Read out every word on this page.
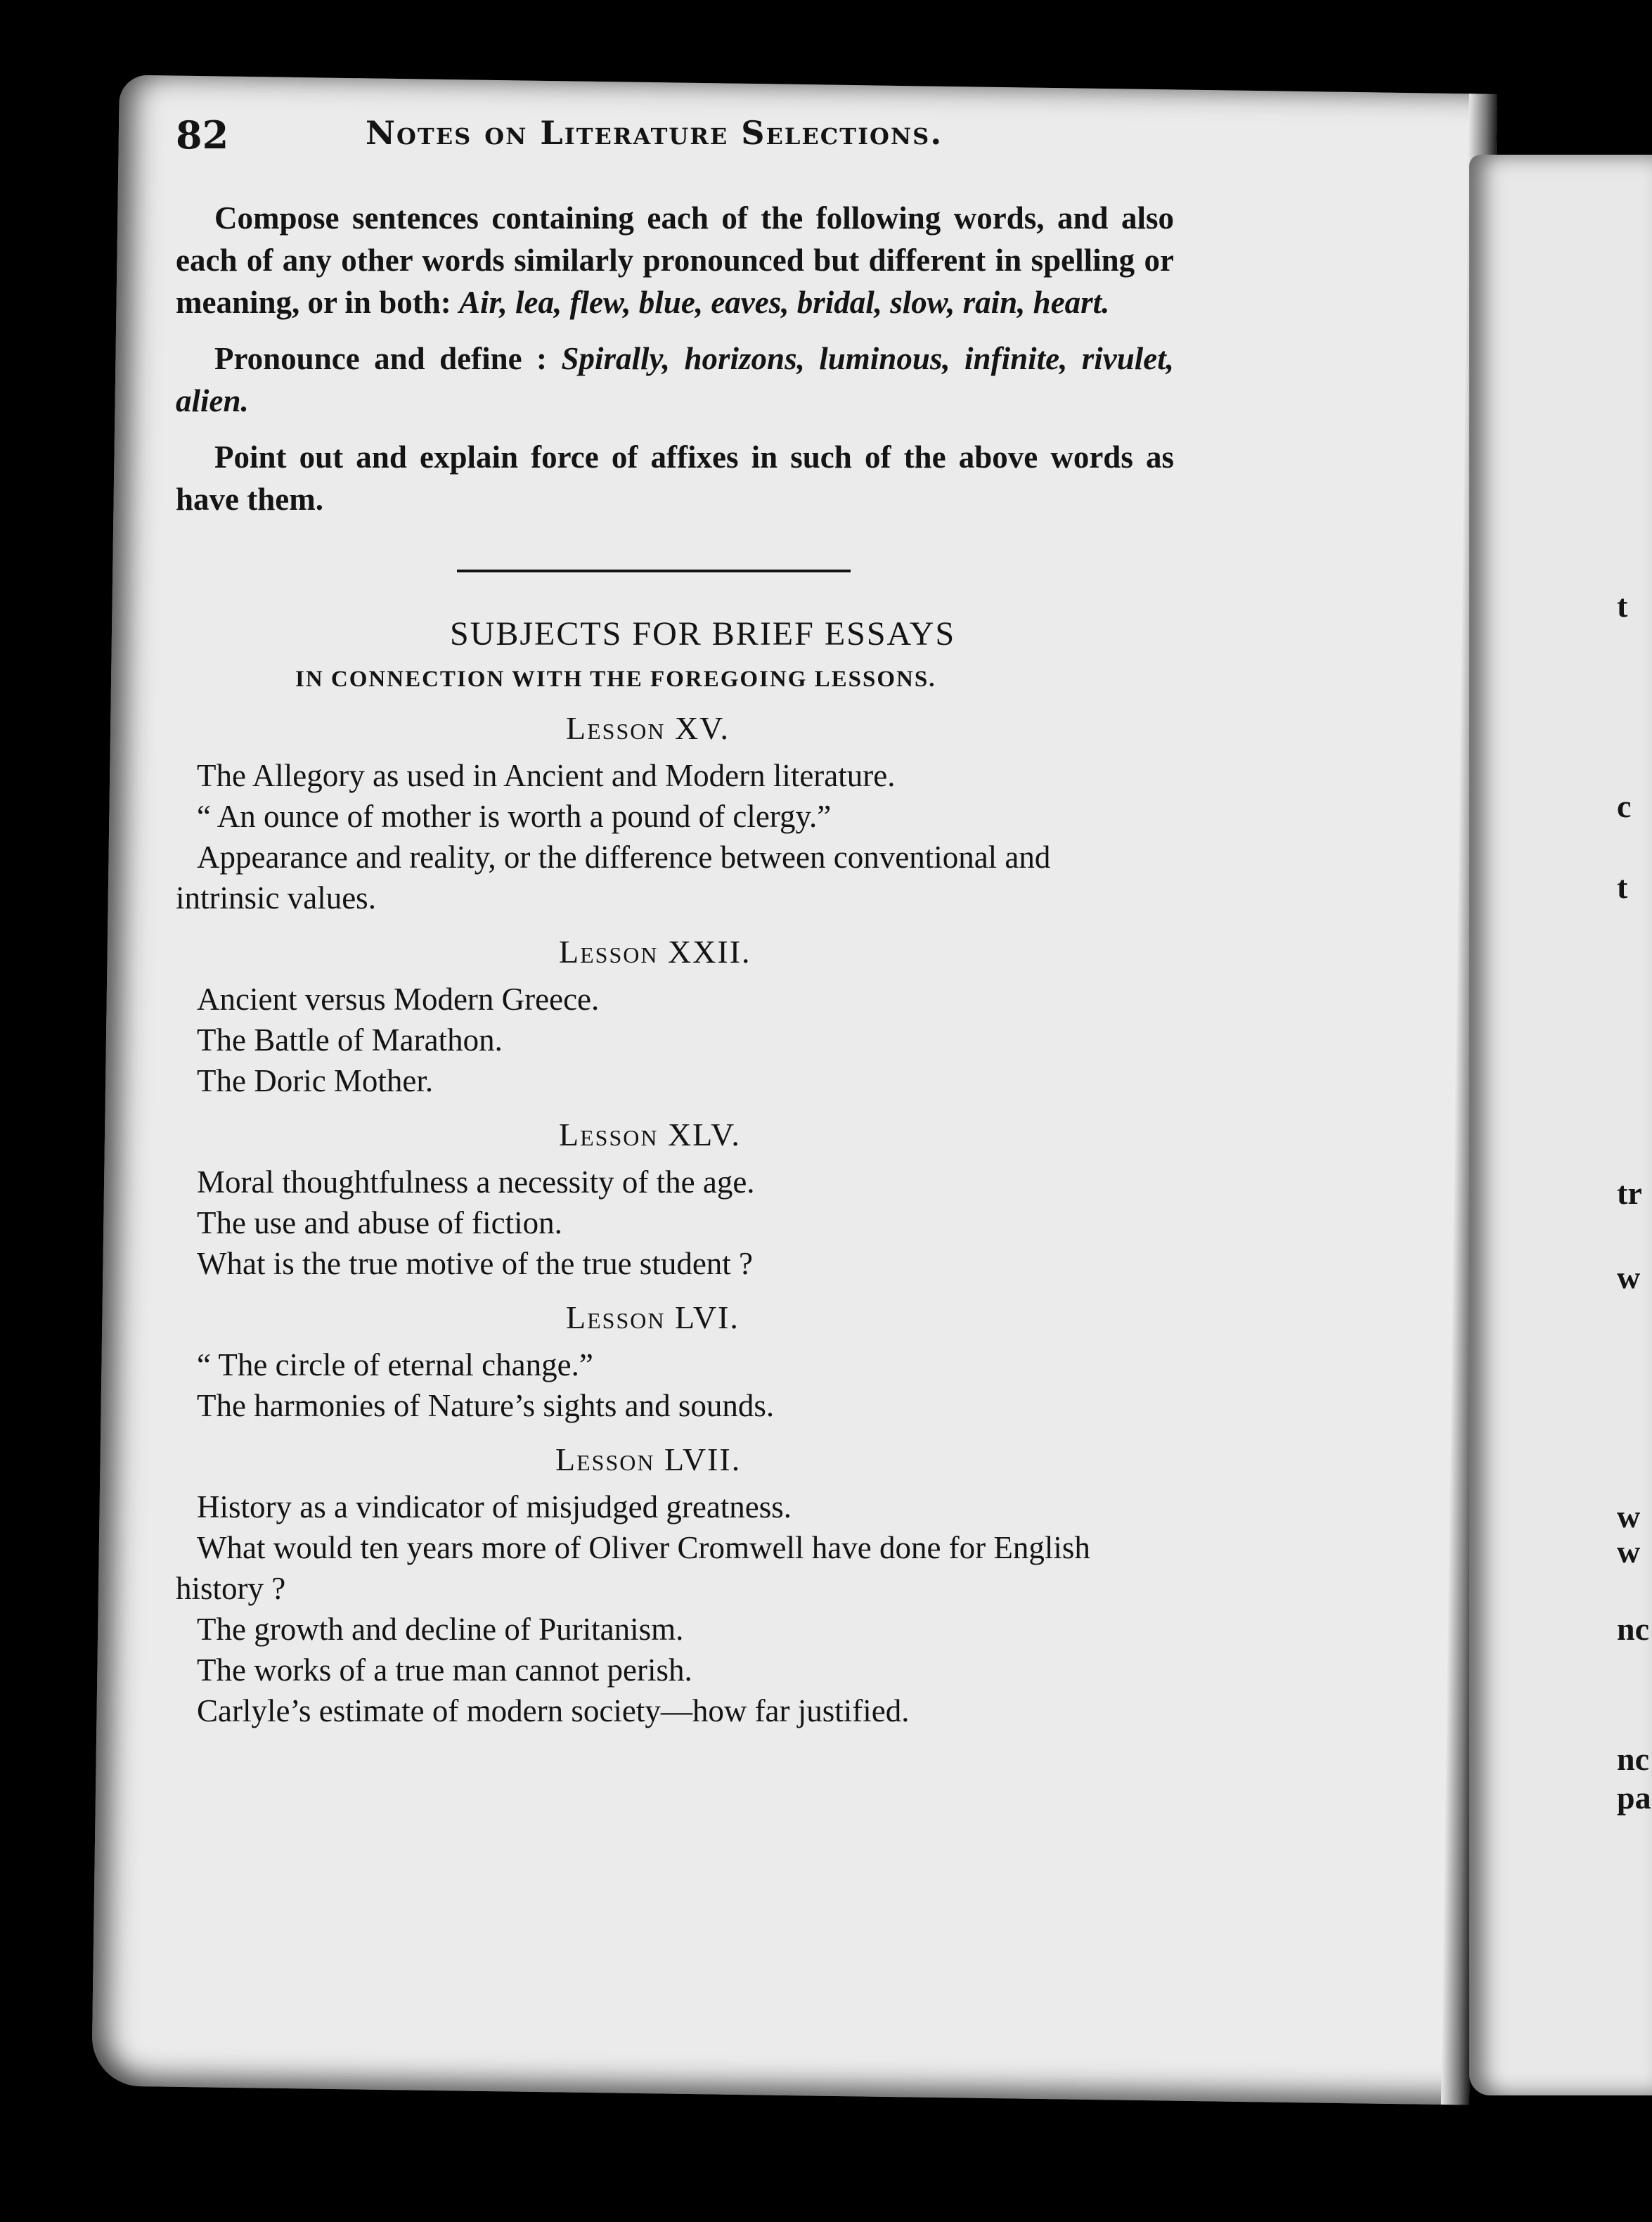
t
c
t
tr
w
w
w
nc
nc
pa
82	Notes on Literature Selections.

Compose sentences containing each of the following words, and also each of any other words similarly pronounced but different in spelling or meaning, or in both: Air, lea, flew, blue, eaves, bridal, slow, rain, heart.

Pronounce and define : Spirally, horizons, luminous, infinite, rivulet, alien.

Point out and explain force of affixes in such of the above words as have them.

SUBJECTS FOR BRIEF ESSAYS
IN CONNECTION WITH THE FOREGOING LESSONS.
Lesson XV.

The Allegory as used in Ancient and Modern literature.

“ An ounce of mother is worth a pound of clergy.”

Appearance and reality, or the difference between conventional and intrinsic values.

Lesson XXII.

Ancient versus Modern Greece.

The Battle of Marathon.

The Doric Mother.

Lesson XLV.

Moral thoughtfulness a necessity of the age.

The use and abuse of fiction.

What is the true motive of the true student ?

Lesson LVI.

“ The circle of eternal change.”

The harmonies of Nature’s sights and sounds.

Lesson LVII.

History as a vindicator of misjudged greatness.

What would ten years more of Oliver Cromwell have done for English history ?

The growth and decline of Puritanism.

The works of a true man cannot perish.

Carlyle’s estimate of modern society—how far justified.
